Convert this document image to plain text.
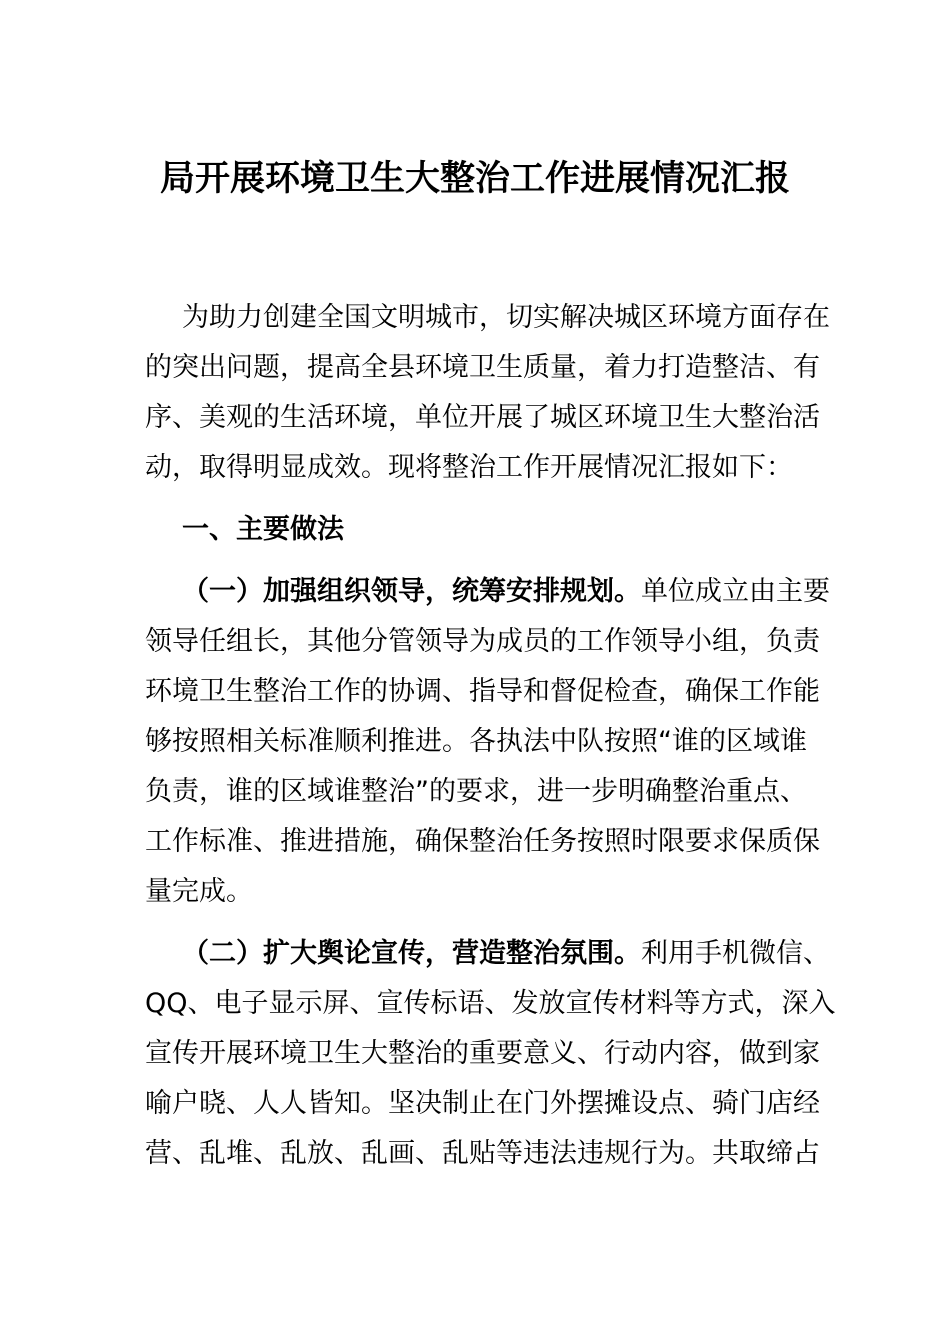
局开展环境卫生大整治工作进展情况汇报

为助力创建全国文明城市，切实解决城区环境方面存在

的突出问题，提高全县环境卫生质量，着力打造整洁、有

序、美观的生活环境，单位开展了城区环境卫生大整治活

动，取得明显成效。现将整治工作开展情况汇报如下：

一、主要做法

（一）加强组织领导，统筹安排规划。单位成立由主要

领导任组长，其他分管领导为成员的工作领导小组，负责

环境卫生整治工作的协调、指导和督促检查，确保工作能

够按照相关标准顺利推进。各执法中队按照“谁的区域谁

负责，谁的区域谁整治”的要求，进一步明确整治重点、

工作标准、推进措施，确保整治任务按照时限要求保质保

量完成。

（二）扩大舆论宣传，营造整治氛围。利用手机微信、

QQ、电子显示屏、宣传标语、发放宣传材料等方式，深入

宣传开展环境卫生大整治的重要意义、行动内容，做到家

喻户晓、人人皆知。坚决制止在门外摆摊设点、骑门店经

营、乱堆、乱放、乱画、乱贴等违法违规行为。共取缔占
